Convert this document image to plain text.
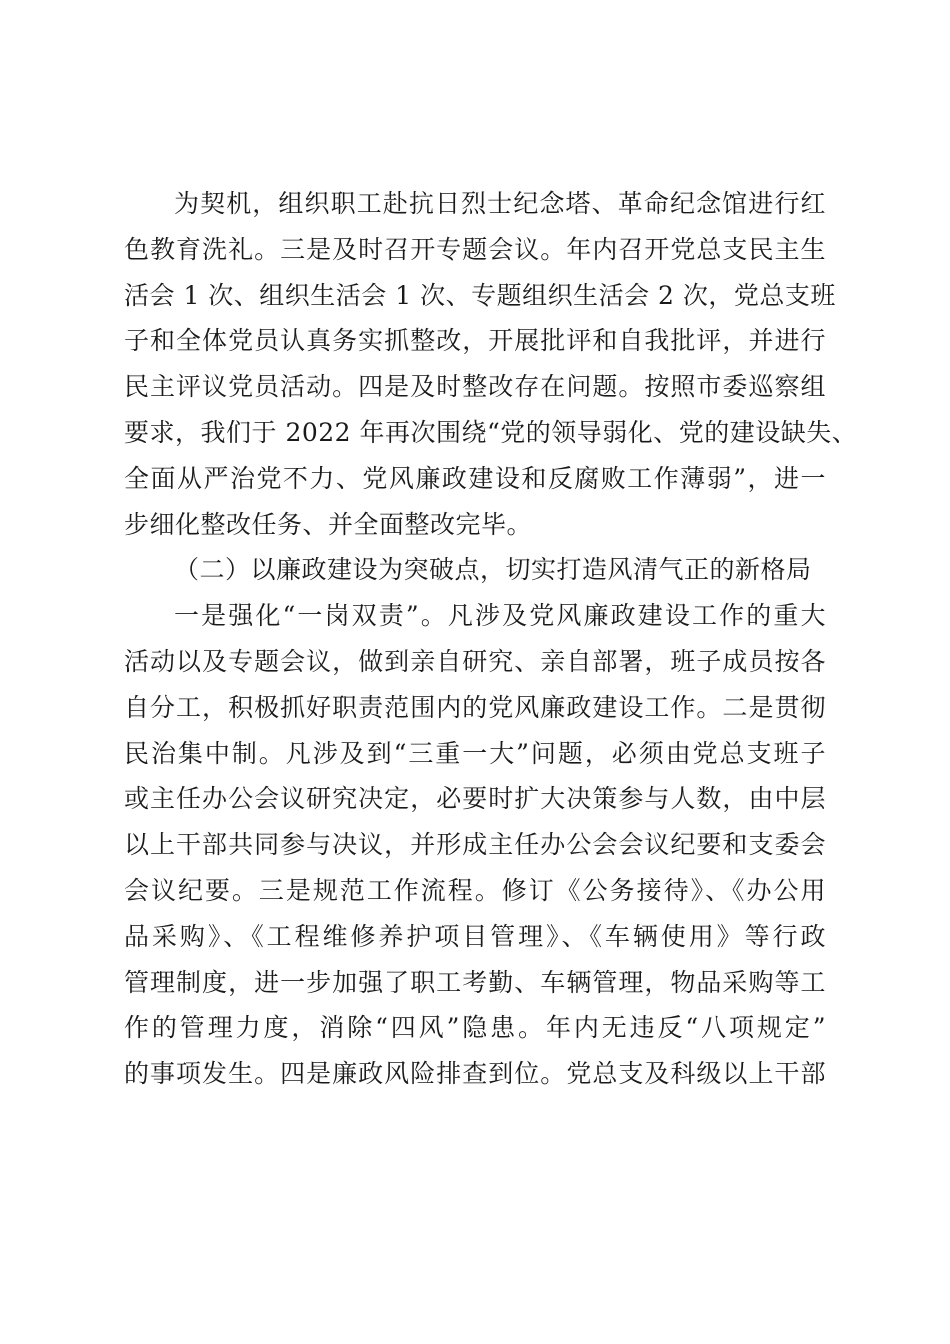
为契机，组织职工赴抗日烈士纪念塔、革命纪念馆进行红
色教育洗礼。三是及时召开专题会议。年内召开党总支民主生
活会 1 次、组织生活会 1 次、专题组织生活会 2 次，党总支班
子和全体党员认真务实抓整改，开展批评和自我批评，并进行
民主评议党员活动。四是及时整改存在问题。按照市委巡察组
要求，我们于 2022 年再次围绕“党的领导弱化、党的建设缺失、
全面从严治党不力、党风廉政建设和反腐败工作薄弱”，进一
步细化整改任务、并全面整改完毕。
（二）以廉政建设为突破点，切实打造风清气正的新格局
一是强化“一岗双责”。凡涉及党风廉政建设工作的重大
活动以及专题会议，做到亲自研究、亲自部署，班子成员按各
自分工，积极抓好职责范围内的党风廉政建设工作。二是贯彻
民治集中制。凡涉及到“三重一大”问题，必须由党总支班子
或主任办公会议研究决定，必要时扩大决策参与人数，由中层
以上干部共同参与决议，并形成主任办公会会议纪要和支委会
会议纪要。三是规范工作流程。修订《公务接待》、《办公用
品采购》、《工程维修养护项目管理》、《车辆使用》等行政
管理制度，进一步加强了职工考勤、车辆管理，物品采购等工
作的管理力度，消除“四风”隐患。年内无违反“八项规定”
的事项发生。四是廉政风险排查到位。党总支及科级以上干部
